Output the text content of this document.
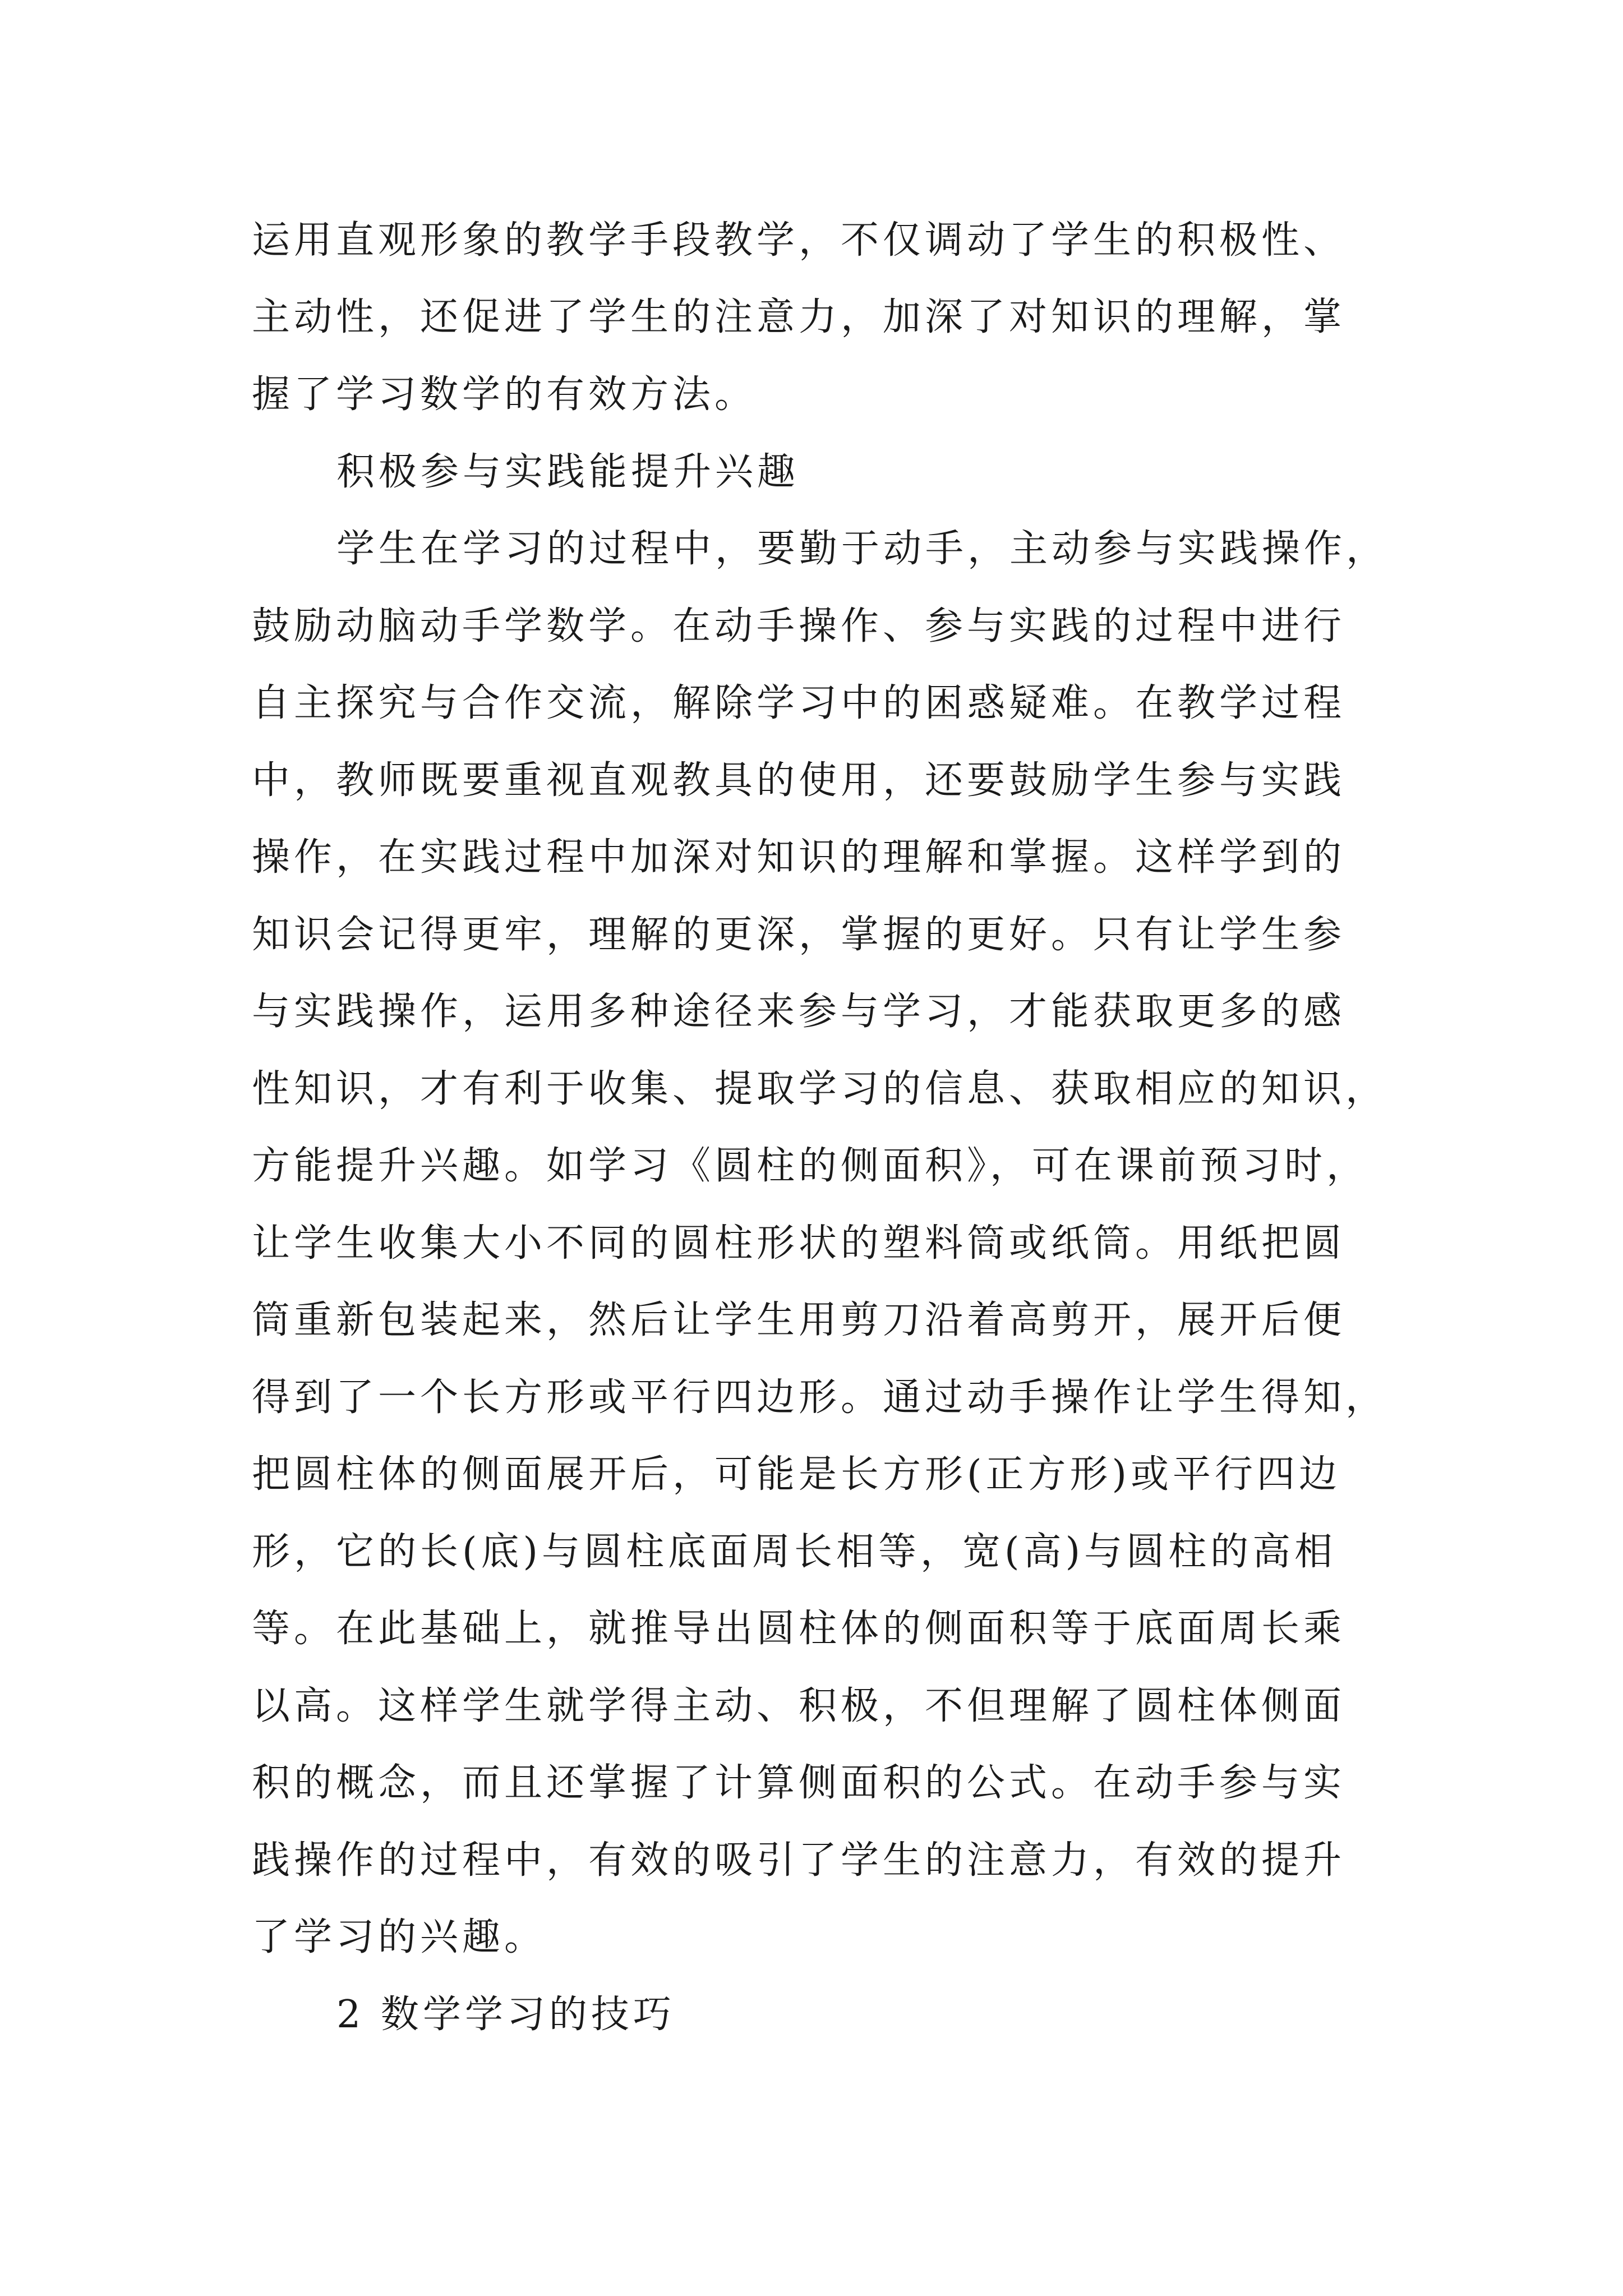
运用直观形象的教学手段教学，不仅调动了学生的积极性、
主动性，还促进了学生的注意力，加深了对知识的理解，掌
握了学习数学的有效方法。
积极参与实践能提升兴趣
学生在学习的过程中，要勤于动手，主动参与实践操作，
鼓励动脑动手学数学。在动手操作、参与实践的过程中进行
自主探究与合作交流，解除学习中的困惑疑难。在教学过程
中，教师既要重视直观教具的使用，还要鼓励学生参与实践
操作，在实践过程中加深对知识的理解和掌握。这样学到的
知识会记得更牢，理解的更深，掌握的更好。只有让学生参
与实践操作，运用多种途径来参与学习，才能获取更多的感
性知识，才有利于收集、提取学习的信息、获取相应的知识，
方能提升兴趣。如学习《圆柱的侧面积》，可在课前预习时，
让学生收集大小不同的圆柱形状的塑料筒或纸筒。用纸把圆
筒重新包装起来，然后让学生用剪刀沿着高剪开，展开后便
得到了一个长方形或平行四边形。通过动手操作让学生得知，
把圆柱体的侧面展开后，可能是长方形(正方形)或平行四边
形，它的长(底)与圆柱底面周长相等，宽(高)与圆柱的高相
等。在此基础上，就推导出圆柱体的侧面积等于底面周长乘
以高。这样学生就学得主动、积极，不但理解了圆柱体侧面
积的概念，而且还掌握了计算侧面积的公式。在动手参与实
践操作的过程中，有效的吸引了学生的注意力，有效的提升
了学习的兴趣。
2 数学学习的技巧
